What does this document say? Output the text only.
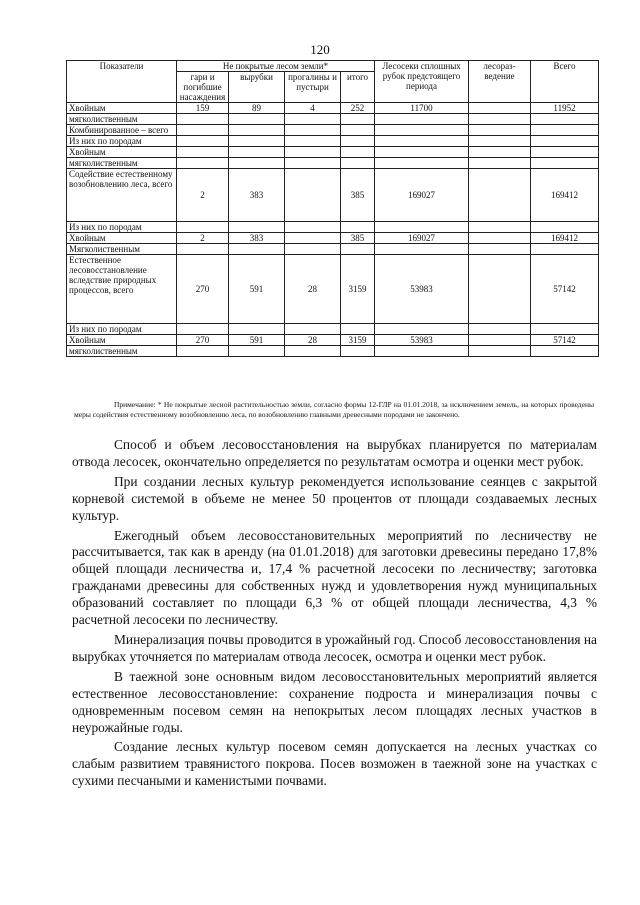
120
Показатели	Не покрытые лесом земли*				Лесосеки сплошных рубок предстоящего периода	лесораз-ведение	Всего
	гари и погибшие насаждения	вырубки	прогалины и пустыри	итого			
Хвойным	159	89	4	252	11700		11952
мягколиственным							
Комбинированное – всего							
Из них по породам							
Хвойным							
мягколиственным							
Содействие естественному возобновлению леса, всего	2	383		385	169027		169412
Из них по породам							
Хвойным	2	383		385	169027		169412
Мягколиственным							
Естественное лесовосстановление вследствие природных процессов, всего	270	591	28	3159	53983		57142
Из них по породам							
Хвойным	270	591	28	3159	53983		57142
мягколиственным							

Примечание: * Не покрытые лесной растительностью земли, согласно формы 12-ГЛР на 01.01.2018, за исключением земель, на которых проведены меры содействия естественному возобновлению леса, по возобновлению главными древесными породами не закончено.

Способ и объем лесовосстановления на вырубках планируется по материалам отвода лесосек, окончательно определяется по результатам осмотра и оценки мест рубок.

При создании лесных культур рекомендуется использование сеянцев с закрытой корневой системой в объеме не менее 50 процентов от площади создаваемых лесных культур.

Ежегодный объем лесовосстановительных мероприятий по лесничеству не рассчитывается, так как в аренду (на 01.01.2018) для заготовки древесины передано 17,8% общей площади лесничества и, 17,4 % расчетной лесосеки по лесничеству; заготовка гражданами древесины для собственных нужд и удовлетворения нужд муниципальных образований составляет по площади 6,3 % от общей площади лесничества, 4,3 % расчетной лесосеки по лесничеству.

Минерализация почвы проводится в урожайный год. Способ лесовосстановления на вырубках уточняется по материалам отвода лесосек, осмотра и оценки мест рубок.

В таежной зоне основным видом лесовосстановительных мероприятий является естественное лесовосстановление: сохранение подроста и минерализация почвы с одновременным посевом семян на непокрытых лесом площадях лесных участков в неурожайные годы.

Создание лесных культур посевом семян допускается на лесных участках со слабым развитием травянистого покрова. Посев возможен в таежной зоне на участках с сухими песчаными и каменистыми почвами.
